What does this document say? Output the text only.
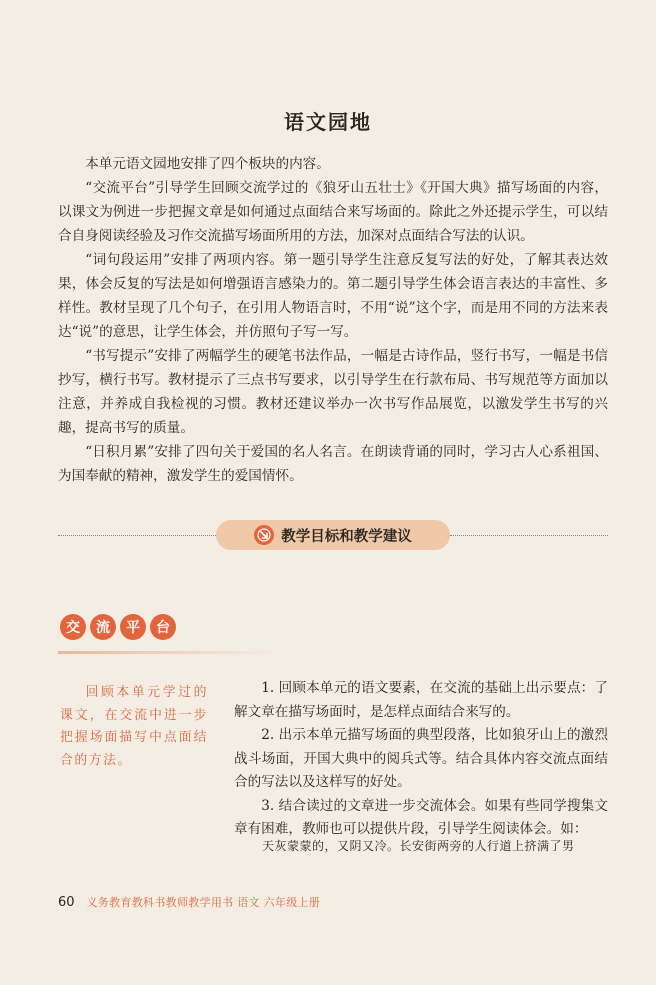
语文园地

本单元语文园地安排了四个板块的内容。

“交流平台”引导学生回顾交流学过的《狼牙山五壮士》《开国大典》描写场面的内容，以课文为例进一步把握文章是如何通过点面结合来写场面的。除此之外还提示学生，可以结合自身阅读经验及习作交流描写场面所用的方法，加深对点面结合写法的认识。

“词句段运用”安排了两项内容。第一题引导学生注意反复写法的好处，了解其表达效果，体会反复的写法是如何增强语言感染力的。第二题引导学生体会语言表达的丰富性、多样性。教材呈现了几个句子，在引用人物语言时，不用“说”这个字，而是用不同的方法来表达“说”的意思，让学生体会，并仿照句子写一写。

“书写提示”安排了两幅学生的硬笔书法作品，一幅是古诗作品，竖行书写，一幅是书信抄写，横行书写。教材提示了三点书写要求，以引导学生在行款布局、书写规范等方面加以注意，并养成自我检视的习惯。教材还建议举办一次书写作品展览，以激发学生书写的兴趣，提高书写的质量。

“日积月累”安排了四句关于爱国的名人名言。在朗读背诵的同时，学习古人心系祖国、为国奉献的精神，激发学生的爱国情怀。

教学目标和教学建议
交	流	平	台

回顾本单元学过的课文，在交流中进一步把握场面描写中点面结合的方法。

1. 回顾本单元的语文要素，在交流的基础上出示要点：了解文章在描写场面时，是怎样点面结合来写的。

2. 出示本单元描写场面的典型段落，比如狼牙山上的激烈战斗场面，开国大典中的阅兵式等。结合具体内容交流点面结合的写法以及这样写的好处。

3. 结合读过的文章进一步交流体会。如果有些同学搜集文章有困难，教师也可以提供片段，引导学生阅读体会。如：

天灰蒙蒙的，又阴又冷。长安街两旁的人行道上挤满了男
60 义务教育教科书教师教学用书 语文 六年级上册
